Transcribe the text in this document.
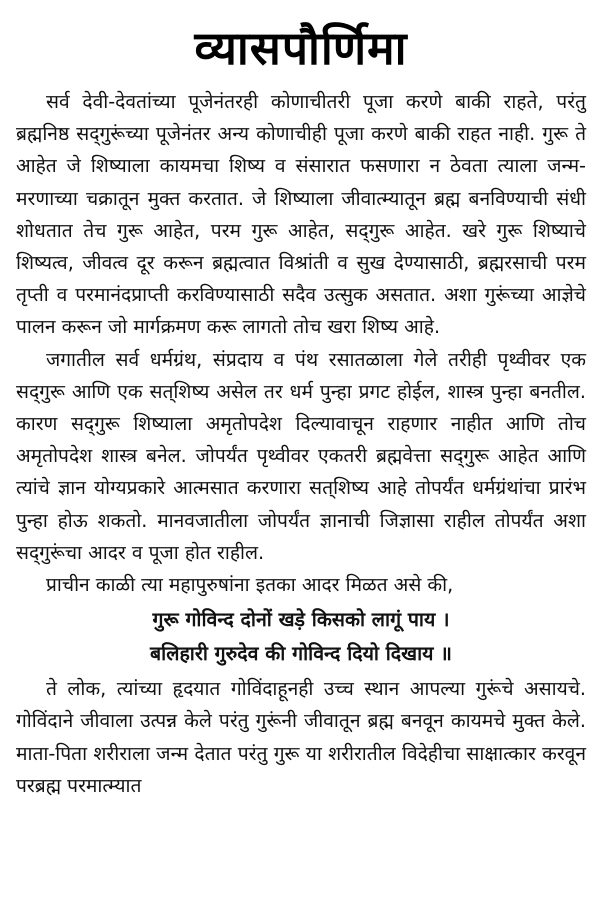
व्यासपौर्णिमा

सर्व देवी-देवतांच्या पूजेनंतरही कोणाचीतरी पूजा करणे बाकी राहते, परंतु ब्रह्मनिष्ठ सद्‌गुरूंच्या पूजेनंतर अन्य कोणाचीही पूजा करणे बाकी राहत नाही. गुरू ते आहेत जे शिष्याला कायमचा शिष्य व संसारात फसणारा न ठेवता त्याला जन्म-मरणाच्या चक्रातून मुक्त करतात. जे शिष्याला जीवात्म्यातून ब्रह्म बनविण्याची संधी शोधतात तेच गुरू आहेत, परम गुरू आहेत, सद्‌गुरू आहेत. खरे गुरू शिष्याचे शिष्यत्व, जीवत्व दूर करून ब्रह्मत्वात विश्रांती व सुख देण्यासाठी, ब्रह्मरसाची परम तृप्ती व परमानंदप्राप्ती करविण्यासाठी सदैव उत्सुक असतात. अशा गुरूंच्या आज्ञेचे पालन करून जो मार्गक्रमण करू लागतो तोच खरा शिष्य आहे.

जगातील सर्व धर्मग्रंथ, संप्रदाय व पंथ रसातळाला गेले तरीही पृथ्वीवर एक सद्‌गुरू आणि एक सत्‌शिष्य असेल तर धर्म पुन्हा प्रगट होईल, शास्त्र पुन्हा बनतील. कारण सद्‌गुरू शिष्याला अमृतोपदेश दिल्यावाचून राहणार नाहीत आणि तोच अमृतोपदेश शास्त्र बनेल. जोपर्यंत पृथ्वीवर एकतरी ब्रह्मवेत्ता सद्‌गुरू आहेत आणि त्यांचे ज्ञान योग्यप्रकारे आत्मसात करणारा सत्‌शिष्य आहे तोपर्यंत धर्मग्रंथांचा प्रारंभ पुन्हा होऊ शकतो. मानवजातीला जोपर्यंत ज्ञानाची जिज्ञासा राहील तोपर्यंत अशा सद्‌गुरूंचा आदर व पूजा होत राहील.

प्राचीन काळी त्या महापुरुषांना इतका आदर मिळत असे की,

गुरू गोविन्द दोनों खड़े किसको लागूं पाय ।

बलिहारी गुरुदेव की गोविन्द दियो दिखाय ॥

ते लोक, त्यांच्या हृदयात गोविंदाहूनही उच्च स्थान आपल्या गुरूंचे असायचे. गोविंदाने जीवाला उत्पन्न केले परंतु गुरूंनी जीवातून ब्रह्म बनवून कायमचे मुक्त केले. माता-पिता शरीराला जन्म देतात परंतु गुरू या शरीरातील विदेहीचा साक्षात्कार करवून परब्रह्म परमात्म्यात
